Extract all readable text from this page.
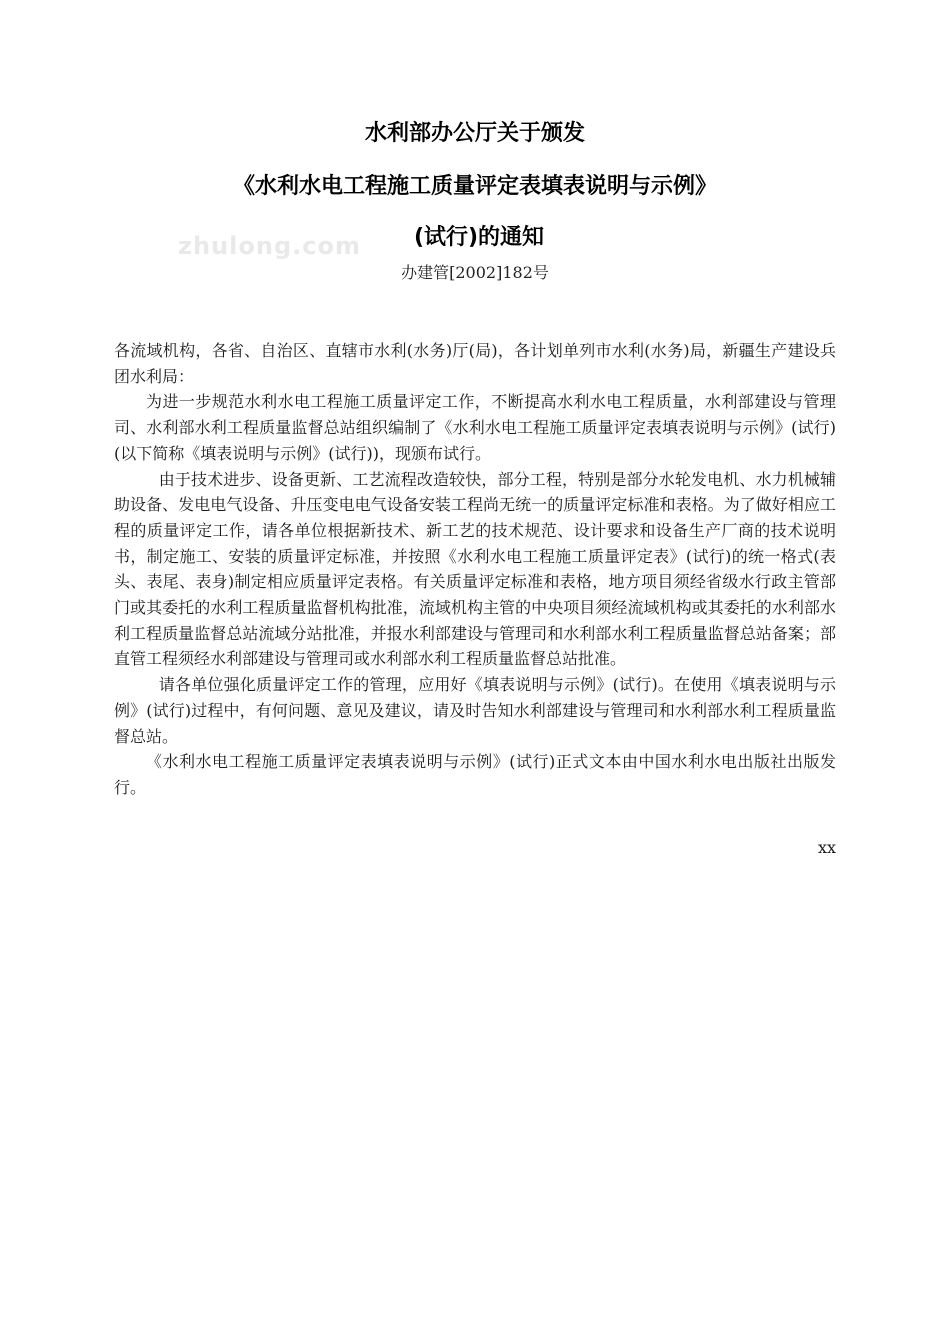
zhulong.com
水利部办公厅关于颁发
《水利水电工程施工质量评定表填表说明与示例》
(试行)的通知
办建管[2002]182号

各流域机构，各省、自治区、直辖市水利(水务)厅(局)，各计划单列市水利(水务)局，新疆生产建设兵团水利局：

为进一步规范水利水电工程施工质量评定工作，不断提高水利水电工程质量，水利部建设与管理司、水利部水利工程质量监督总站组织编制了《水利水电工程施工质量评定表填表说明与示例》(试行)(以下简称《填表说明与示例》(试行))，现颁布试行。

由于技术进步、设备更新、工艺流程改造较快，部分工程，特别是部分水轮发电机、水力机械辅助设备、发电电气设备、升压变电电气设备安装工程尚无统一的质量评定标准和表格。为了做好相应工程的质量评定工作，请各单位根据新技术、新工艺的技术规范、设计要求和设备生产厂商的技术说明书，制定施工、安装的质量评定标准，并按照《水利水电工程施工质量评定表》(试行)的统一格式(表头、表尾、表身)制定相应质量评定表格。有关质量评定标准和表格，地方项目须经省级水行政主管部门或其委托的水利工程质量监督机构批准，流域机构主管的中央项目须经流域机构或其委托的水利部水利工程质量监督总站流域分站批准，并报水利部建设与管理司和水利部水利工程质量监督总站备案；部直管工程须经水利部建设与管理司或水利部水利工程质量监督总站批准。

请各单位强化质量评定工作的管理，应用好《填表说明与示例》(试行)。在使用《填表说明与示例》(试行)过程中，有何问题、意见及建议，请及时告知水利部建设与管理司和水利部水利工程质量监督总站。

《水利水电工程施工质量评定表填表说明与示例》(试行)正式文本由中国水利水电出版社出版发行。

xx
